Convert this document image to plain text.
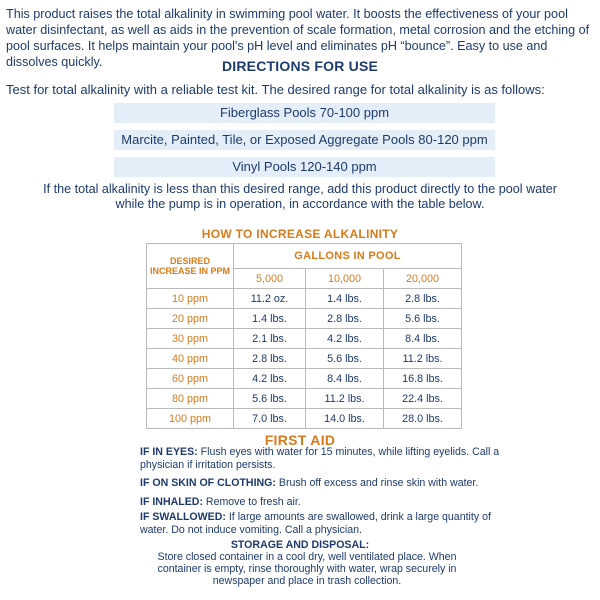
This product raises the total alkalinity in swimming pool water. It boosts the effectiveness of your pool water disinfectant, as well as aids in the prevention of scale formation, metal corrosion and the etching of pool surfaces. It helps maintain your pool's pH level and eliminates pH “bounce”. Easy to use and dissolves quickly.	DIRECTIONS FOR USE
Test for total alkalinity with a reliable test kit. The desired range for total alkalinity is as follows:
Fiberglass Pools 70-100 ppm
Marcite, Painted, Tile, or Exposed Aggregate Pools 80-120 ppm
Vinyl Pools 120-140 ppm
If the total alkalinity is less than this desired range, add this product directly to the pool water while the pump is in operation, in accordance with the table below.
HOW TO INCREASE ALKALINITY
DESIRED INCREASE IN PPM	GALLONS IN POOL		
	5,000	10,000	20,000
10 ppm	11.2 oz.	1.4 lbs.	2.8 lbs.
20 ppm	1.4 lbs.	2.8 lbs.	5.6 lbs.
30 ppm	2.1 lbs.	4.2 lbs.	8.4 lbs.
40 ppm	2.8 lbs.	5.6 lbs.	11.2 lbs.
60 ppm	4.2 lbs.	8.4 lbs.	16.8 lbs.
80 ppm	5.6 lbs.	11.2 lbs.	22.4 lbs.
100 ppm	7.0 lbs.	14.0 lbs.	28.0 lbs.
FIRST AID
IF IN EYES: Flush eyes with water for 15 minutes, while lifting eyelids. Call a physician if irritation persists.
IF ON SKIN OF CLOTHING: Brush off excess and rinse skin with water.
IF INHALED: Remove to fresh air.
IF SWALLOWED: If large amounts are swallowed, drink a large quantity of water. Do not induce vomiting. Call a physician.
STORAGE AND DISPOSAL:
Store closed container in a cool dry, well ventilated place. When container is empty, rinse thoroughly with water, wrap securely in newspaper and place in trash collection.
